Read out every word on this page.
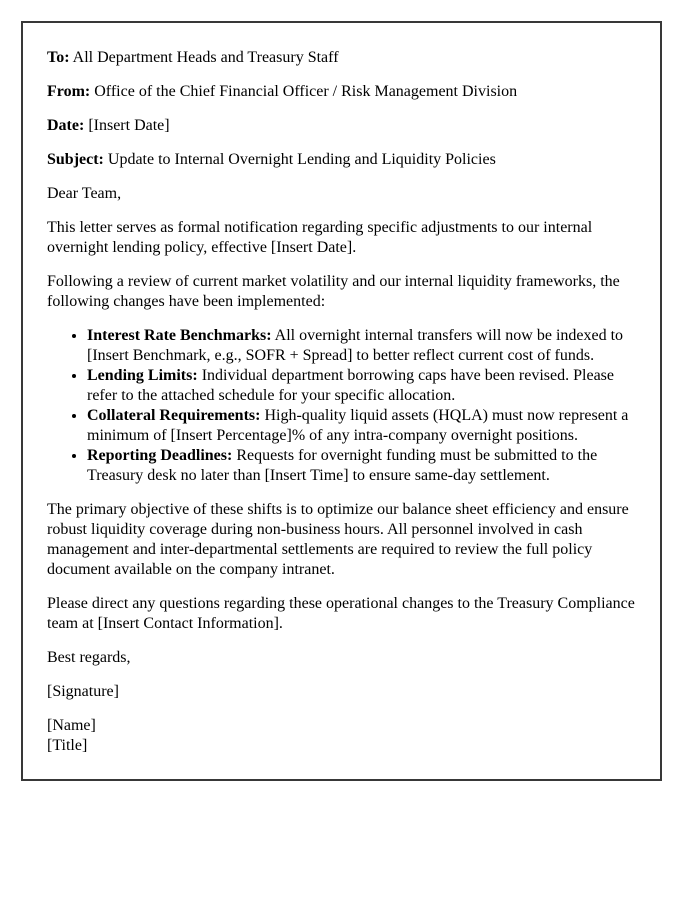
To: All Department Heads and Treasury Staff

From: Office of the Chief Financial Officer / Risk Management Division

Date: [Insert Date]

Subject: Update to Internal Overnight Lending and Liquidity Policies

Dear Team,

This letter serves as formal notification regarding specific adjustments to our internal overnight lending policy, effective [Insert Date].

Following a review of current market volatility and our internal liquidity frameworks, the following changes have been implemented:

• Interest Rate Benchmarks: All overnight internal transfers will now be indexed to [Insert Benchmark, e.g., SOFR + Spread] to better reflect current cost of funds.
• Lending Limits: Individual department borrowing caps have been revised. Please refer to the attached schedule for your specific allocation.
• Collateral Requirements: High-quality liquid assets (HQLA) must now represent a minimum of [Insert Percentage]% of any intra-company overnight positions.
• Reporting Deadlines: Requests for overnight funding must be submitted to the Treasury desk no later than [Insert Time] to ensure same-day settlement.

The primary objective of these shifts is to optimize our balance sheet efficiency and ensure robust liquidity coverage during non-business hours. All personnel involved in cash management and inter-departmental settlements are required to review the full policy document available on the company intranet.

Please direct any questions regarding these operational changes to the Treasury Compliance team at [Insert Contact Information].

Best regards,

[Signature]

[Name]
[Title]
